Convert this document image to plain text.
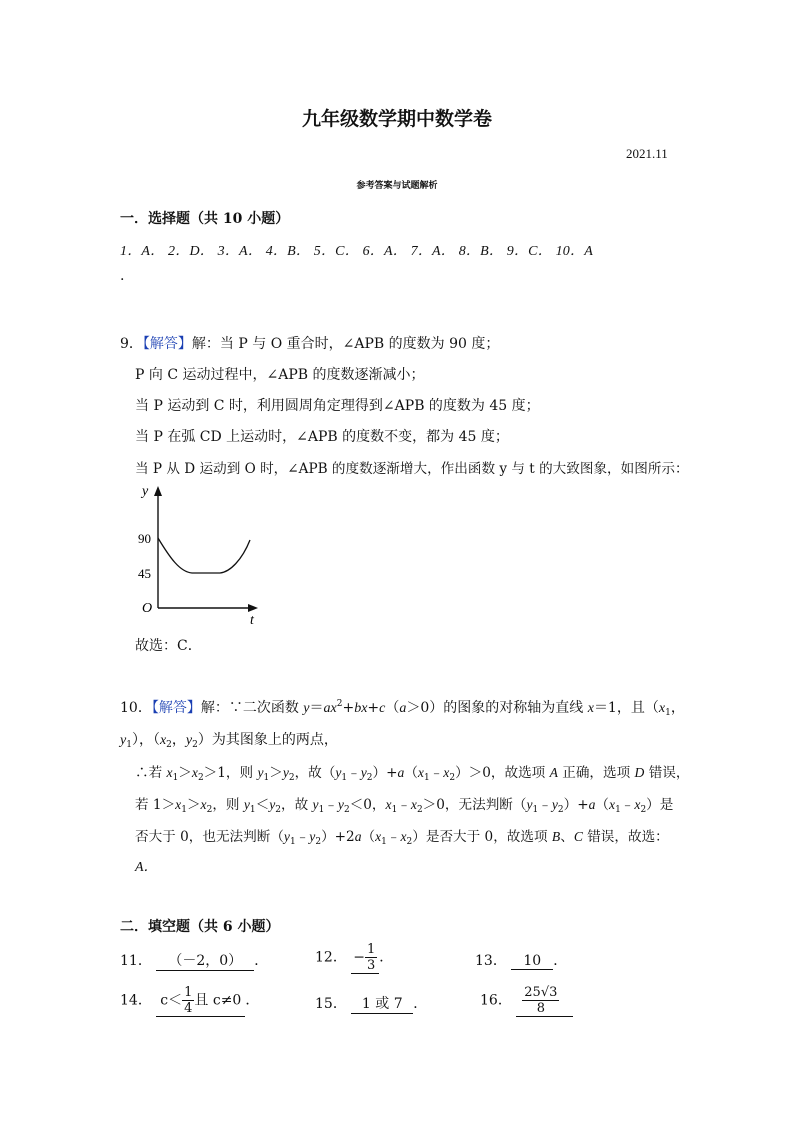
九年级数学期中数学卷
2021.11
参考答案与试题解析
一．选择题（共 10 小题）
1．A． 2．D． 3．A． 4．B． 5．C． 6．A． 7．A． 8．B． 9．C． 10．A
.
9．【解答】解：当 P 与 O 重合时，∠APB 的度数为 90 度；
P 向 C 运动过程中，∠APB 的度数逐渐减小；
当 P 运动到 C 时，利用圆周角定理得到∠APB 的度数为 45 度；
当 P 在弧 CD 上运动时，∠APB 的度数不变，都为 45 度；
当 P 从 D 运动到 O 时，∠APB 的度数逐渐增大，作出函数 y 与 t 的大致图象，如图所示：
y
t
O
90
45
故选：C．
10．【解答】解：∵二次函数 $y=ax^2+bx+c(a>0)$的图象的对称轴为直线 x＝1，且（$x_1$，
$y_1$），（$x_2$，$y_2$）为其图象上的两点，
∴若 $x_1>x_2>1$，则 $y_1>y_2$，故$(y_1﹣y_2)+a(x_1﹣x_2)>0$，故选项 A 正确，选项 D 错误，
若 $1>x_1>x_2$，则 $y_1<y_2$，故 $y_1﹣y_2<0$，$x_1﹣x_2>0$，无法判断$(y_1﹣y_2)+a(x_1﹣x_2)$是
否大于 0，也无法判断$(y_1﹣y_2)+2a(x_1﹣x_2)$是否大于 0，故选项 B、C 错误，故选：
A．
二．填空题（共 6 小题）
11． （－2，0） ．	12． − $\frac{1}{3}$ ．	13． 10 ．
14． $c< \frac{1}{4}$ 且 c≠0．	15． 1 或 7 ．	16． $\frac{25√3}{8}$
